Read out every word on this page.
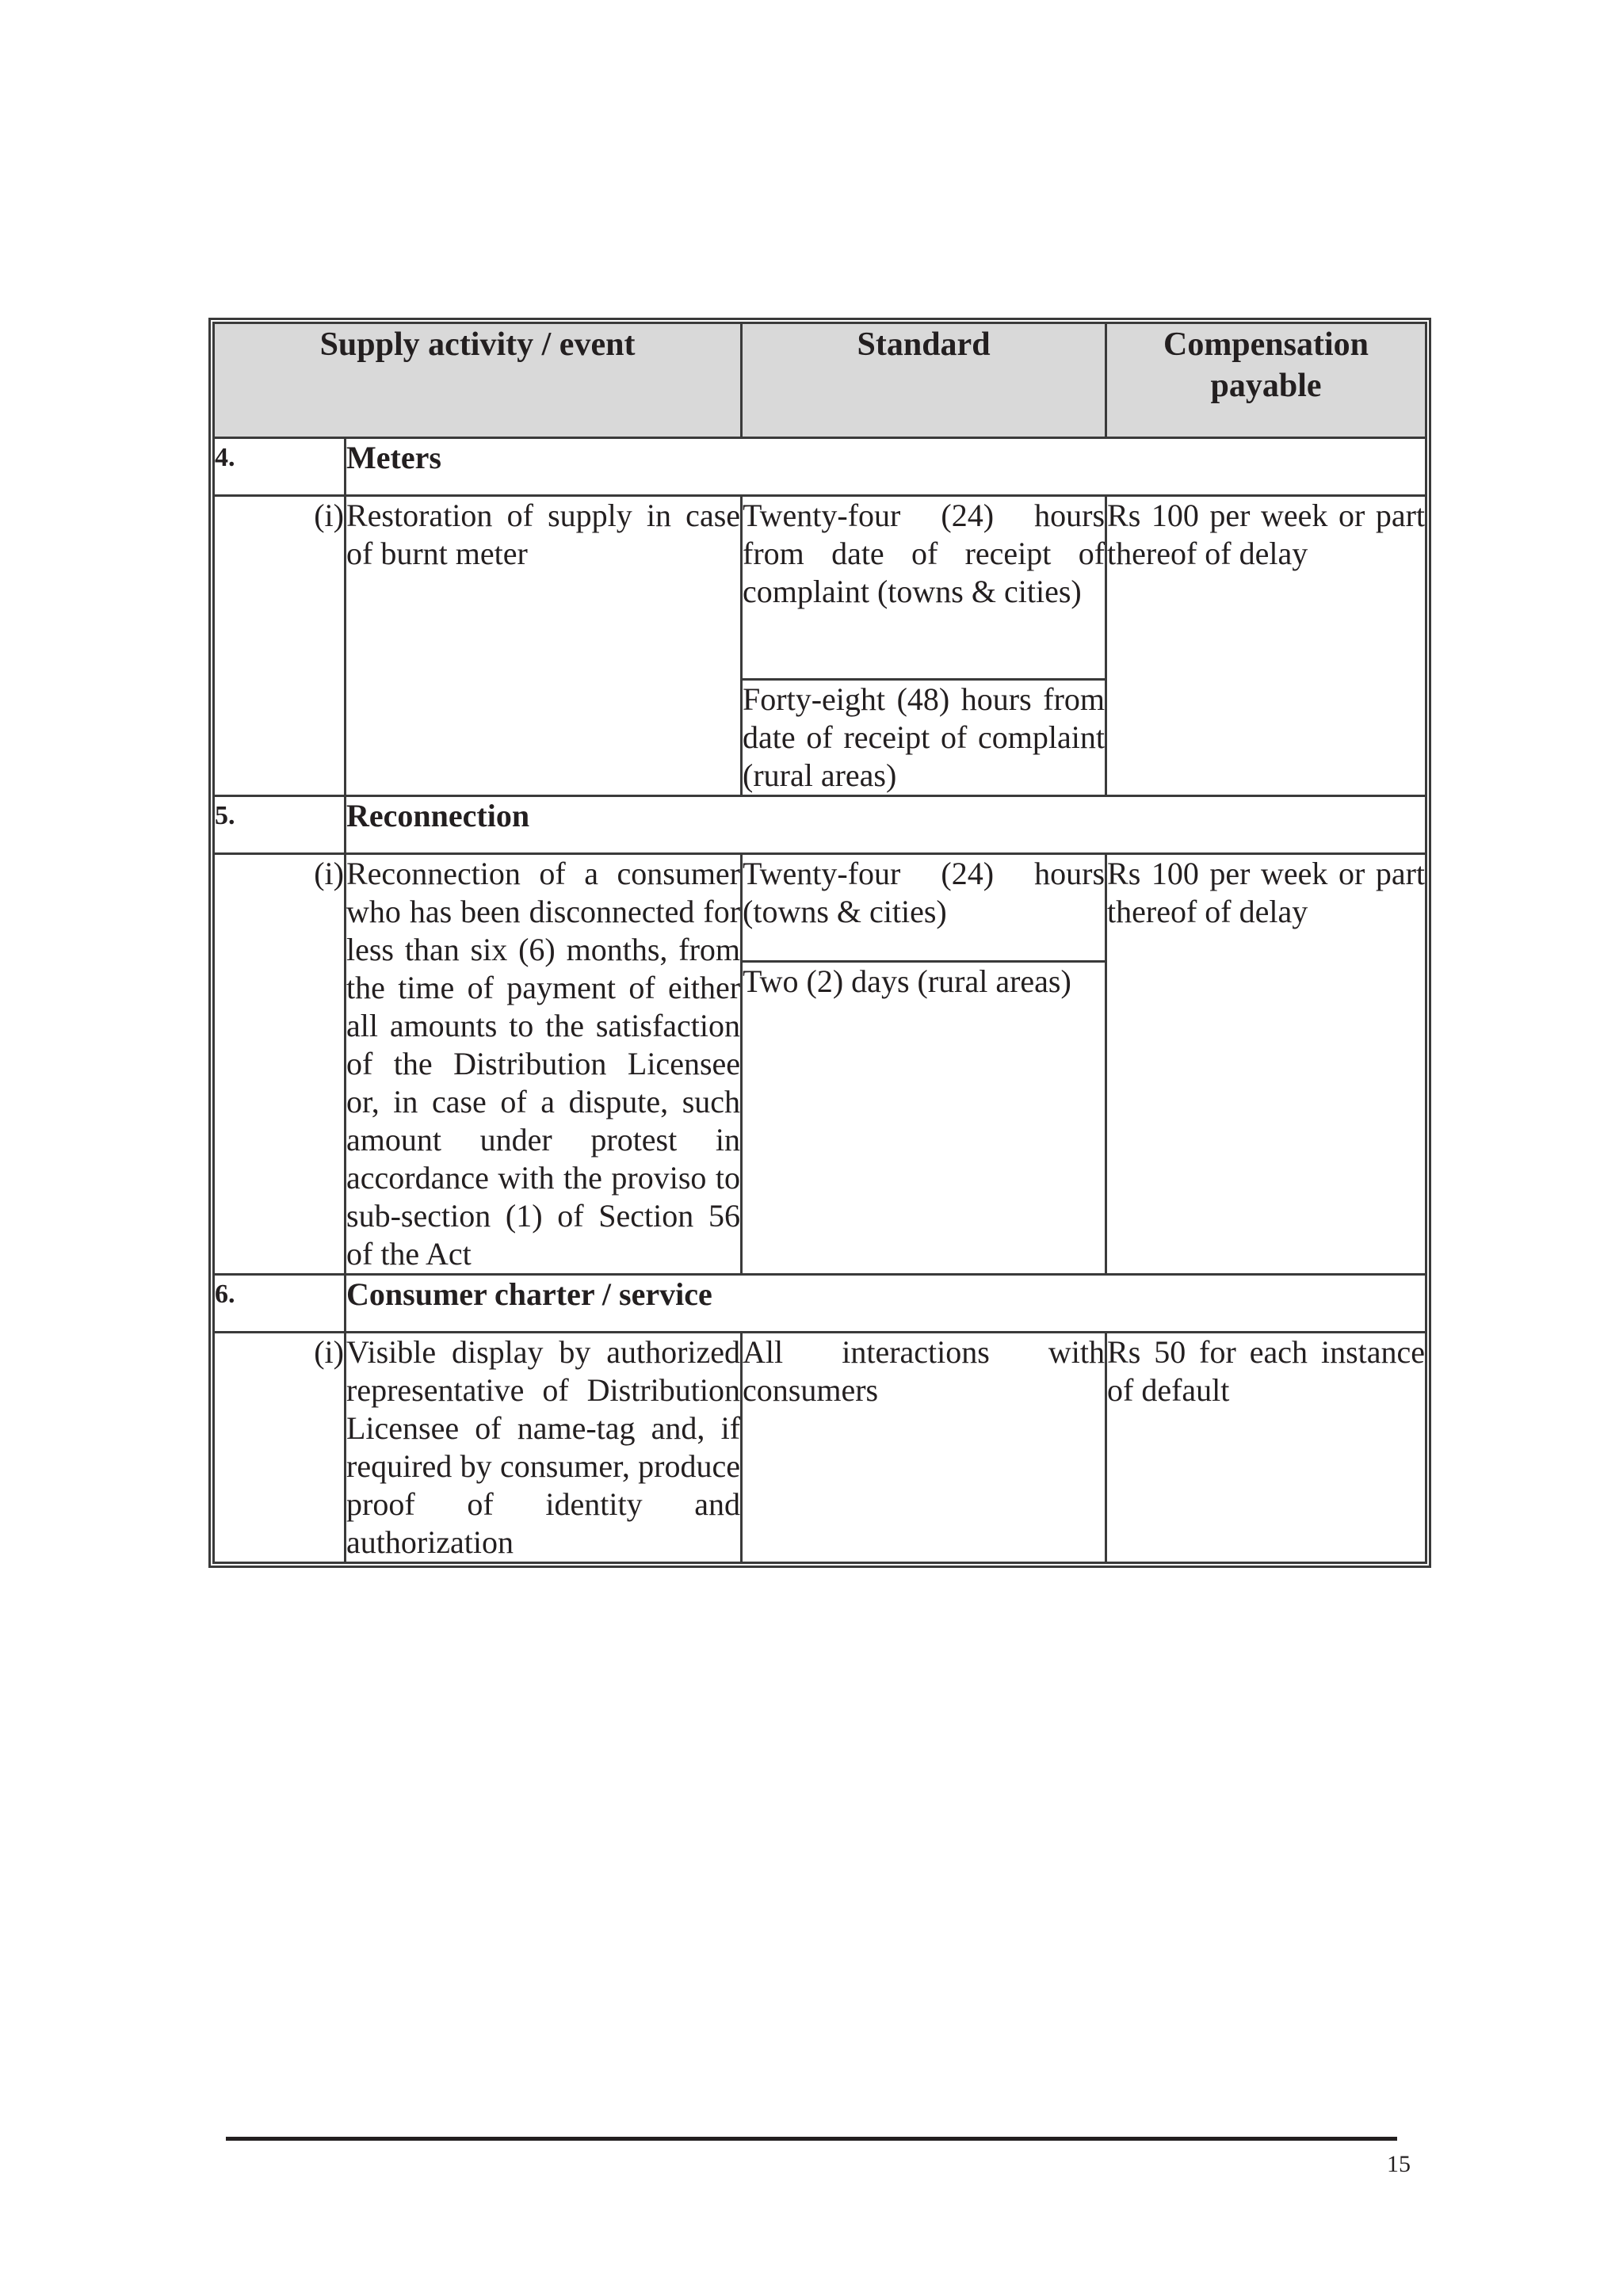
Supply activity / event		Standard	Compensation payable
4.	Meters		
(i)	Restoration of supply in case of burnt meter	Twenty-four (24) hours from date of receipt of complaint (towns & cities)	Rs 100 per week or part thereof of delay
		Forty-eight (48) hours from date of receipt of complaint (rural areas)	
5.	Reconnection		
(i)	Reconnection of a consumer who has been disconnected for less than six (6) months, from the time of payment of either all amounts to the satisfaction of the Distribution Licensee or, in case of a dispute, such amount under protest in accordance with the proviso to sub-section (1) of Section 56 of the Act	Twenty-four (24) hours (towns & cities)	Rs 100 per week or part thereof of delay
		Two (2) days (rural areas)	
6.	Consumer charter / service		
(i)	Visible display by authorized representative of Distribution Licensee of name-tag and, if required by consumer, produce proof of identity and authorization	All interactions with consumers	Rs 50 for each instance of default
15
